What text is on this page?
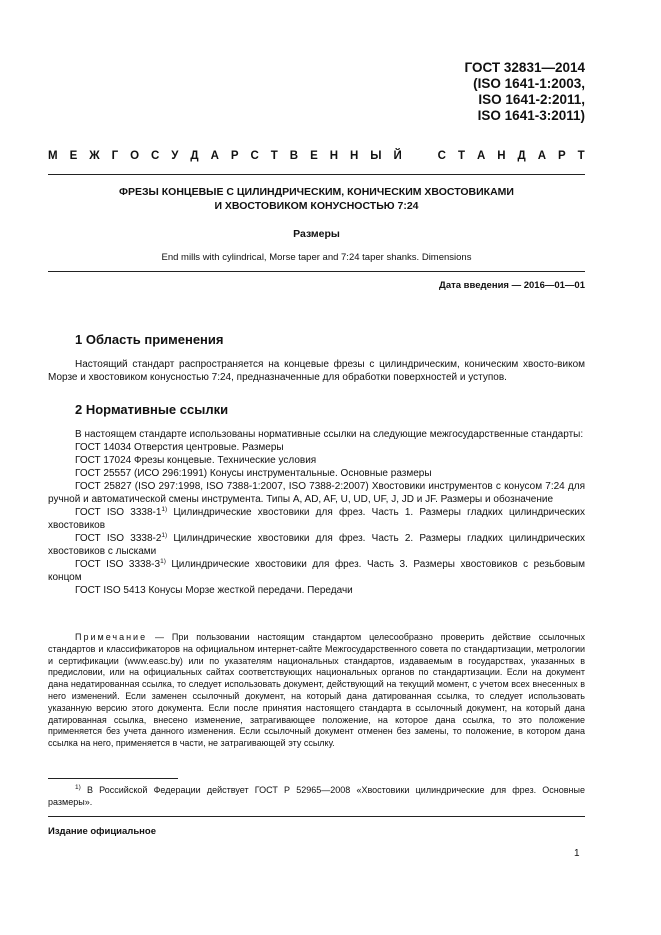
ГОСТ 32831—2014
(ISO 1641-1:2003,
ISO 1641-2:2011,
ISO 1641-3:2011)
М Е Ж Г О С У Д А Р С Т В Е Н Н Ы Й	С Т А Н Д А Р Т
ФРЕЗЫ КОНЦЕВЫЕ С ЦИЛИНДРИЧЕСКИМ, КОНИЧЕСКИМ ХВОСТОВИКАМИ
И ХВОСТОВИКОМ КОНУСНОСТЬЮ 7:24
Размеры
End mills with cylindrical, Morse taper and 7:24 taper shanks. Dimensions
Дата введения — 2016—01—01
1 Область применения

Настоящий стандарт распространяется на концевые фрезы с цилиндрическим, коническим хвосто-виком Морзе и хвостовиком конусностью 7:24, предназначенные для обработки поверхностей и уступов.

2 Нормативные ссылки

В настоящем стандарте использованы нормативные ссылки на следующие межгосударственные стандарты:

ГОСТ 14034 Отверстия центровые. Размеры
ГОСТ 17024 Фрезы концевые. Технические условия
ГОСТ 25557 (ИСО 296:1991) Конусы инструментальные. Основные размеры

ГОСТ 25827 (ISO 297:1998, ISO 7388-1:2007, ISO 7388-2:2007) Хвостовики инструментов с конусом 7:24 для ручной и автоматической смены инструмента. Типы A, AD, AF, U, UD, UF, J, JD и JF. Размеры и обозначение

ГОСТ ISO 3338-1$^{1)}$ Цилиндрические хвостовики для фрез. Часть 1. Размеры гладких цилиндрических хвостовиков

ГОСТ ISO 3338-2$^{1)}$ Цилиндрические хвостовики для фрез. Часть 2. Размеры гладких цилиндрических хвостовиков с лысками

ГОСТ ISO 3338-3$^{1)}$ Цилиндрические хвостовики для фрез. Часть 3. Размеры хвостовиков с резьбовым концом

ГОСТ ISO 5413 Конусы Морзе жесткой передачи. Передачи

Примечание — При пользовании настоящим стандартом целесообразно проверить действие ссылочных стандартов и классификаторов на официальном интернет-сайте Межгосударственного совета по стандартизации, метрологии и сертификации (www.easc.by) или по указателям национальных стандартов, издаваемым в государствах, указанных в предисловии, или на официальных сайтах соответствующих национальных органов по стандартизации. Если на документ дана недатированная ссылка, то следует использовать документ, действующий на текущий момент, с учетом всех внесенных в него изменений. Если заменен ссылочный документ, на который дана датированная ссылка, то следует использовать указанную версию этого документа. Если после принятия настоящего стандарта в ссылочный документ, на который дана датированная ссылка, внесено изменение, затрагивающее положение, на которое дана ссылка, то это положение применяется без учета данного изменения. Если ссылочный документ отменен без замены, то положение, в котором дана ссылка на него, применяется в части, не затрагивающей эту ссылку.

$^{1)}$ В Российской Федерации действует ГОСТ Р 52965—2008 «Хвостовики цилиндрические для фрез. Основные размеры».

Издание официальное
1
